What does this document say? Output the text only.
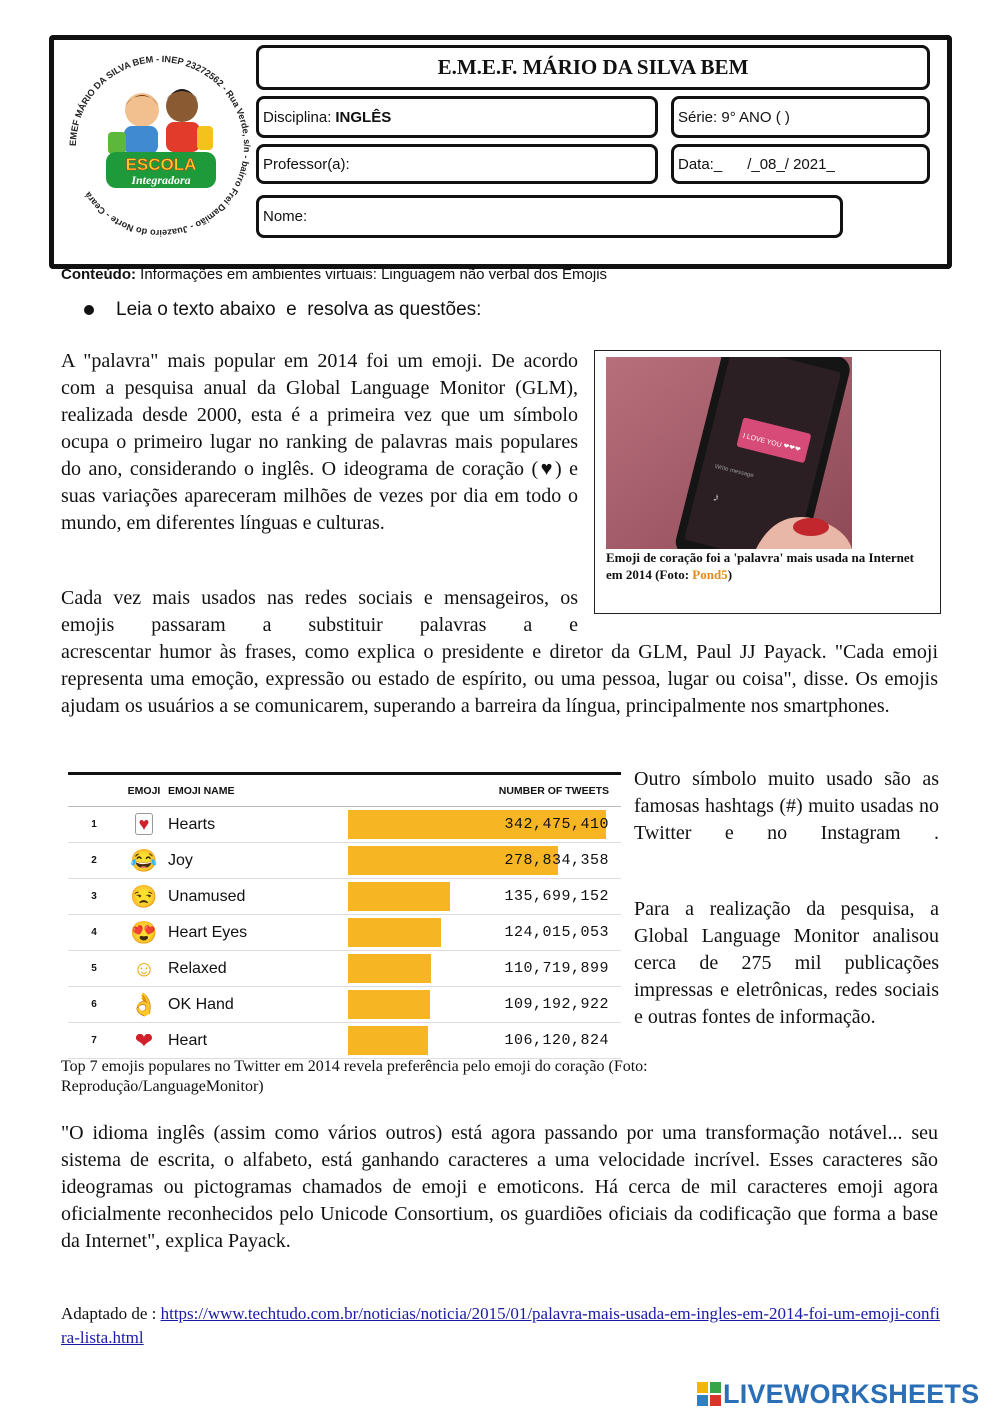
EMEF MÁRIO DA SILVA BEM - INEP 23272562 - Rua Verde, s/n - bairro Frei Damião - Juazeiro do Norte - Ceará
ESCOLA
Integradora
E.M.E.F. MÁRIO DA SILVA BEM
Disciplina: INGLÊS	Série: 9° ANO ( )
Professor(a):	Data:_      /_08_/ 2021_
Nome:
Conteúdo: Informações em ambientes virtuais: Linguagem não verbal dos Emojis
Leia o texto abaixo  e  resolva as questões:
A "palavra" mais popular em 2014 foi um emoji. De acordo com a pesquisa anual da Global Language Monitor (GLM), realizada desde 2000, esta é a primeira vez que um símbolo ocupa o primeiro lugar no ranking de palavras mais populares do ano, considerando o inglês. O ideograma de coração (♥) e suas variações apareceram milhões de vezes por dia em todo o mundo, em diferentes línguas e culturas.
I LOVE YOU ❤❤❤
Write message
♪
Emoji de coração foi a 'palavra' mais usada na Internet em 2014 (Foto: Pond5)
Cada vez mais usados nas redes sociais e mensageiros, os emojis passaram a substituir palavras a e
acrescentar humor às frases, como explica o presidente e diretor da GLM, Paul JJ Payack. "Cada emoji representa uma emoção, expressão ou estado de espírito, ou uma pessoa, lugar ou coisa", disse. Os emojis ajudam os usuários a se comunicarem, superando a barreira da língua, principalmente nos smartphones.
	EMOJI	EMOJI NAME	NUMBER OF TWEETS
1	♥	Hearts	342,475,410

2	😂	Joy	278,834,358

3	😒	Unamused	135,699,152

4	😍	Heart Eyes	124,015,053

5	☺	Relaxed	110,719,899

6	👌	OK Hand	109,192,922

7	❤	Heart	106,120,824
Top 7 emojis populares no Twitter em 2014 revela preferência pelo emoji do coração (Foto: Reprodução/LanguageMonitor)
Outro símbolo muito usado são as famosas hashtags (#) muito usadas no Twitter e no Instagram .
Para a realização da pesquisa, a Global Language Monitor analisou cerca de 275 mil publicações impressas e eletrônicas, redes sociais e outras fontes de informação.
"O idioma inglês (assim como vários outros) está agora passando por uma transformação notável... seu sistema de escrita, o alfabeto, está ganhando caracteres a uma velocidade incrível. Esses caracteres são ideogramas ou pictogramas chamados de emoji e emoticons. Há cerca de mil caracteres emoji agora oficialmente reconhecidos pelo Unicode Consortium, os guardiões oficiais da codificação que forma a base da Internet", explica Payack.
Adaptado de : https://www.techtudo.com.br/noticias/noticia/2015/01/palavra-mais-usada-em-ingles-em-2014-foi-um-emoji-confira-lista.html
LIVEWORKSHEETS
